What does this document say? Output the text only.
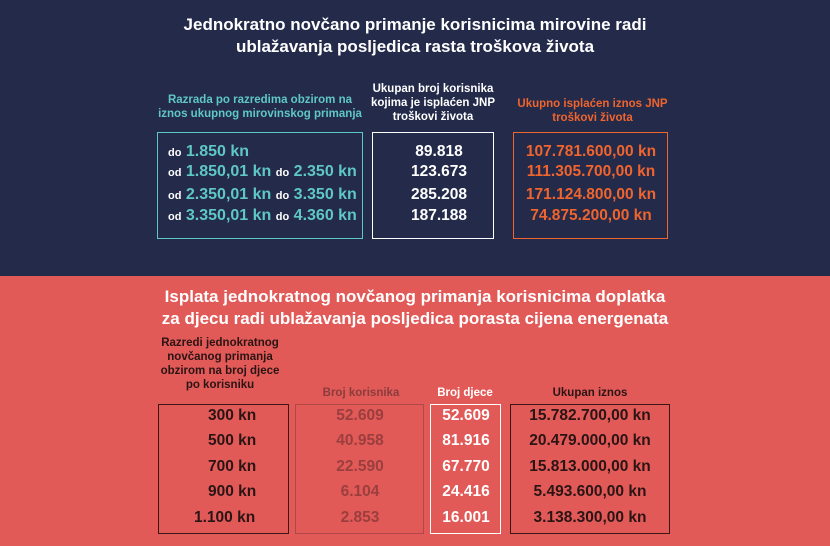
Jednokratno novčano primanje korisnicima mirovine radi
ublažavanja posljedica rasta troškova života
Razrada po razredima obzirom na
iznos ukupnog mirovinskog primanja
Ukupan broj korisnika
kojima je isplaćen JNP
troškovi života
Ukupno isplaćen iznos JNP
troškovi života
do 1.850 kn
od 1.850,01 kn do 2.350 kn
od 2.350,01 kn do 3.350 kn
od 3.350,01 kn do 4.360 kn
89.818
123.673
285.208
187.188
107.781.600,00 kn
111.305.700,00 kn
171.124.800,00 kn
74.875.200,00 kn
Isplata jednokratnog novčanog primanja korisnicima doplatka
za djecu radi ublažavanja posljedica porasta cijena energenata
Razredi jednokratnog
novčanog primanja
obzirom na broj djece
po korisniku
Broj korisnika	Broj djece	Ukupan iznos
300 kn
500 kn
700 kn
900 kn
1.100 kn
52.609
40.958
22.590
6.104
2.853
52.609
81.916
67.770
24.416
16.001
15.782.700,00 kn
20.479.000,00 kn
15.813.000,00 kn
5.493.600,00 kn
3.138.300,00 kn
